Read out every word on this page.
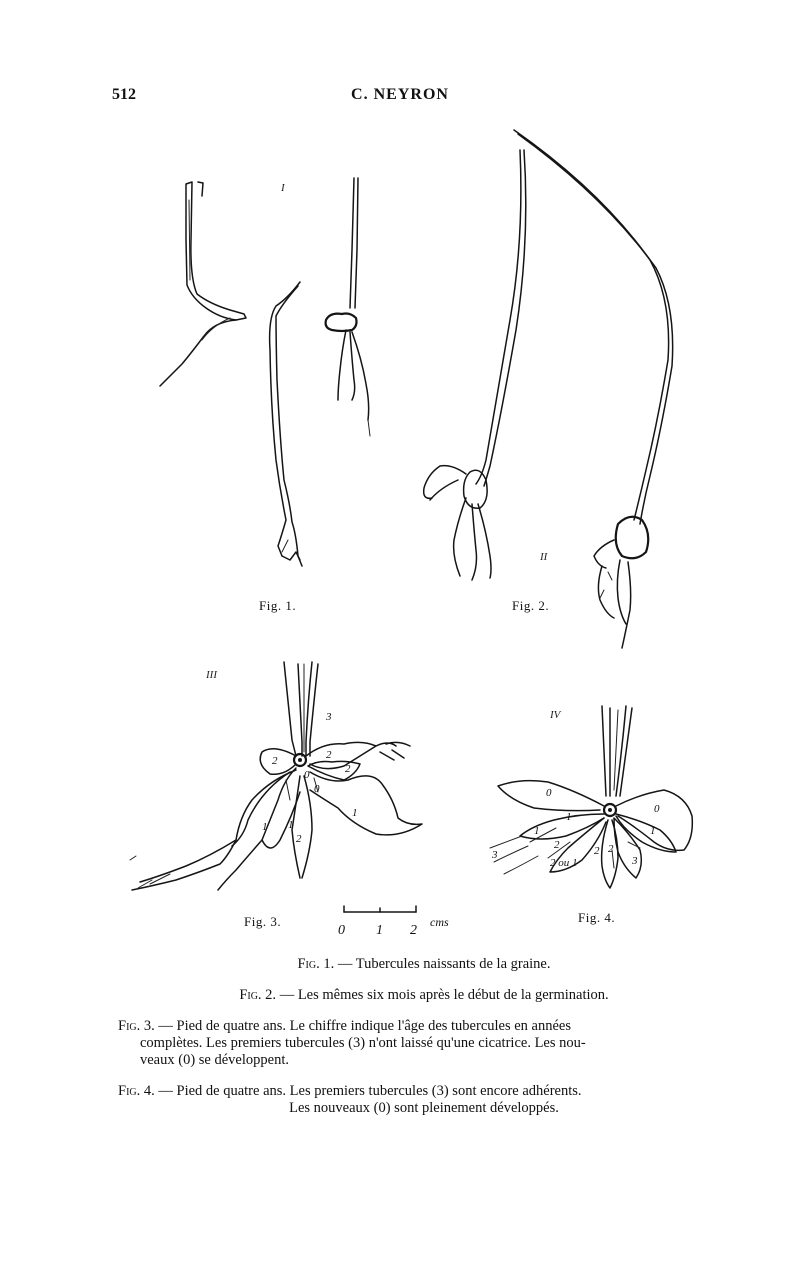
512	C. NEYRON
I
II
Fig. 1.	Fig. 2.
III
3
2	2
2
0
0
1
1 1
2
Fig. 3.
0 1 2
cms
IV
0
1
0
1	1
2	2
2 ou 1
2
3	3
Fig. 4.

Fig. 1. — Tubercules naissants de la graine.

Fig. 2. — Les mêmes six mois après le début de la germination.

Fig. 3. — Pied de quatre ans. Le chiffre indique l'âge des tubercules en années
complètes. Les premiers tubercules (3) n'ont laissé qu'une cicatrice. Les nou-
veaux (0) se développent.

Fig. 4. — Pied de quatre ans. Les premiers tubercules (3) sont encore adhérents.
Les nouveaux (0) sont pleinement développés.
